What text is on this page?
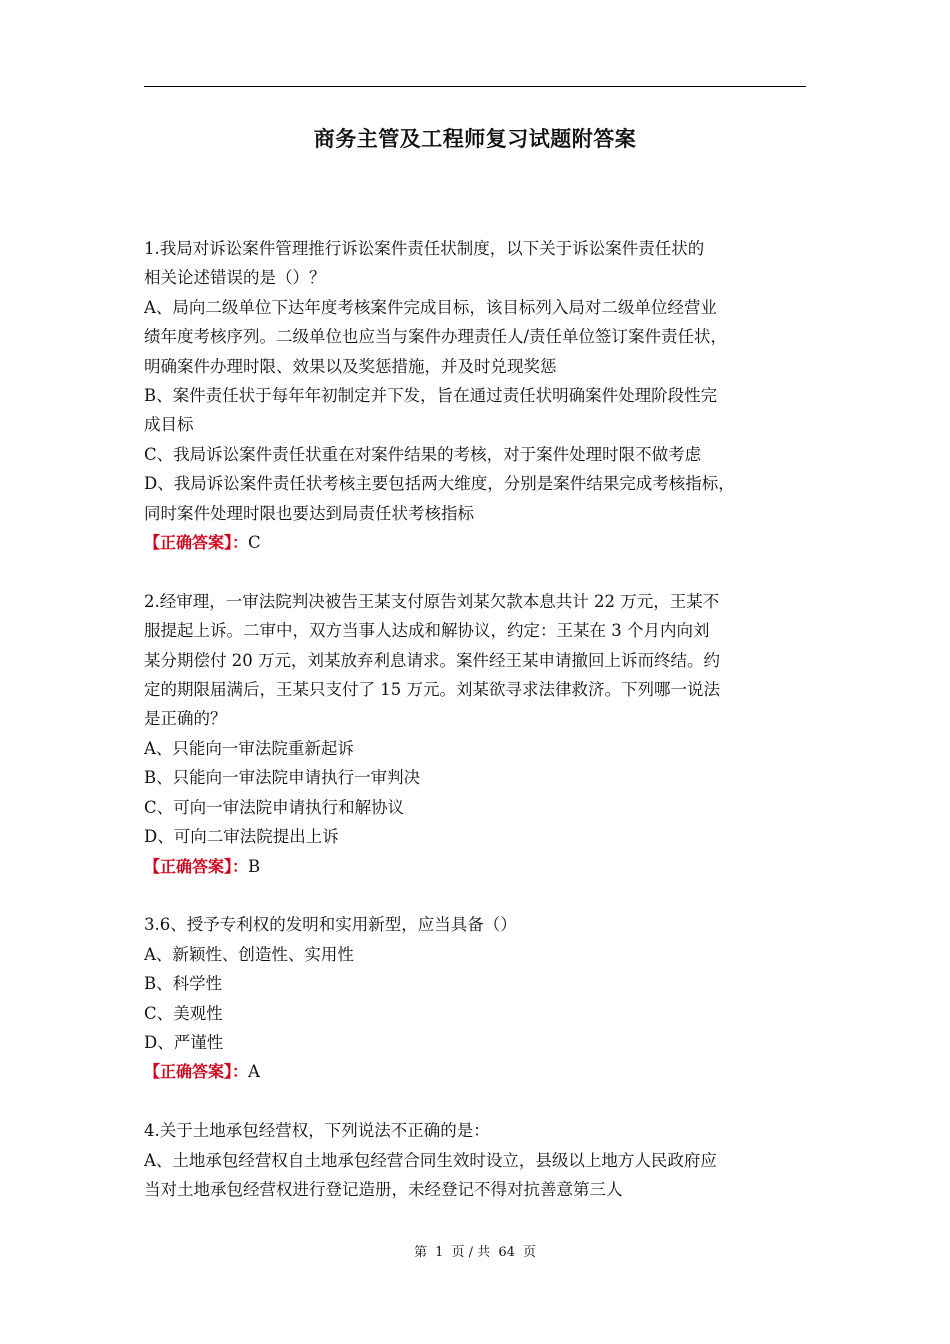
商务主管及工程师复习试题附答案
1.我局对诉讼案件管理推行诉讼案件责任状制度，以下关于诉讼案件责任状的
相关论述错误的是（）？
A、局向二级单位下达年度考核案件完成目标，该目标列入局对二级单位经营业
绩年度考核序列。二级单位也应当与案件办理责任人/责任单位签订案件责任状，
明确案件办理时限、效果以及奖惩措施，并及时兑现奖惩
B、案件责任状于每年年初制定并下发，旨在通过责任状明确案件处理阶段性完
成目标
C、我局诉讼案件责任状重在对案件结果的考核，对于案件处理时限不做考虑
D、我局诉讼案件责任状考核主要包括两大维度，分别是案件结果完成考核指标，
同时案件处理时限也要达到局责任状考核指标
【正确答案】：C
2.经审理，一审法院判决被告王某支付原告刘某欠款本息共计 22 万元，王某不
服提起上诉。二审中，双方当事人达成和解协议，约定：王某在 3 个月内向刘
某分期偿付 20 万元，刘某放弃利息请求。案件经王某申请撤回上诉而终结。约
定的期限届满后，王某只支付了 15 万元。刘某欲寻求法律救济。下列哪一说法
是正确的？
A、只能向一审法院重新起诉
B、只能向一审法院申请执行一审判决
C、可向一审法院申请执行和解协议
D、可向二审法院提出上诉
【正确答案】：B
3.6、授予专利权的发明和实用新型，应当具备（）
A、新颖性、创造性、实用性
B、科学性
C、美观性
D、严谨性
【正确答案】：A
4.关于土地承包经营权，下列说法不正确的是：
A、土地承包经营权自土地承包经营合同生效时设立，县级以上地方人民政府应
当对土地承包经营权进行登记造册，未经登记不得对抗善意第三人
第 1 页 / 共 64 页
